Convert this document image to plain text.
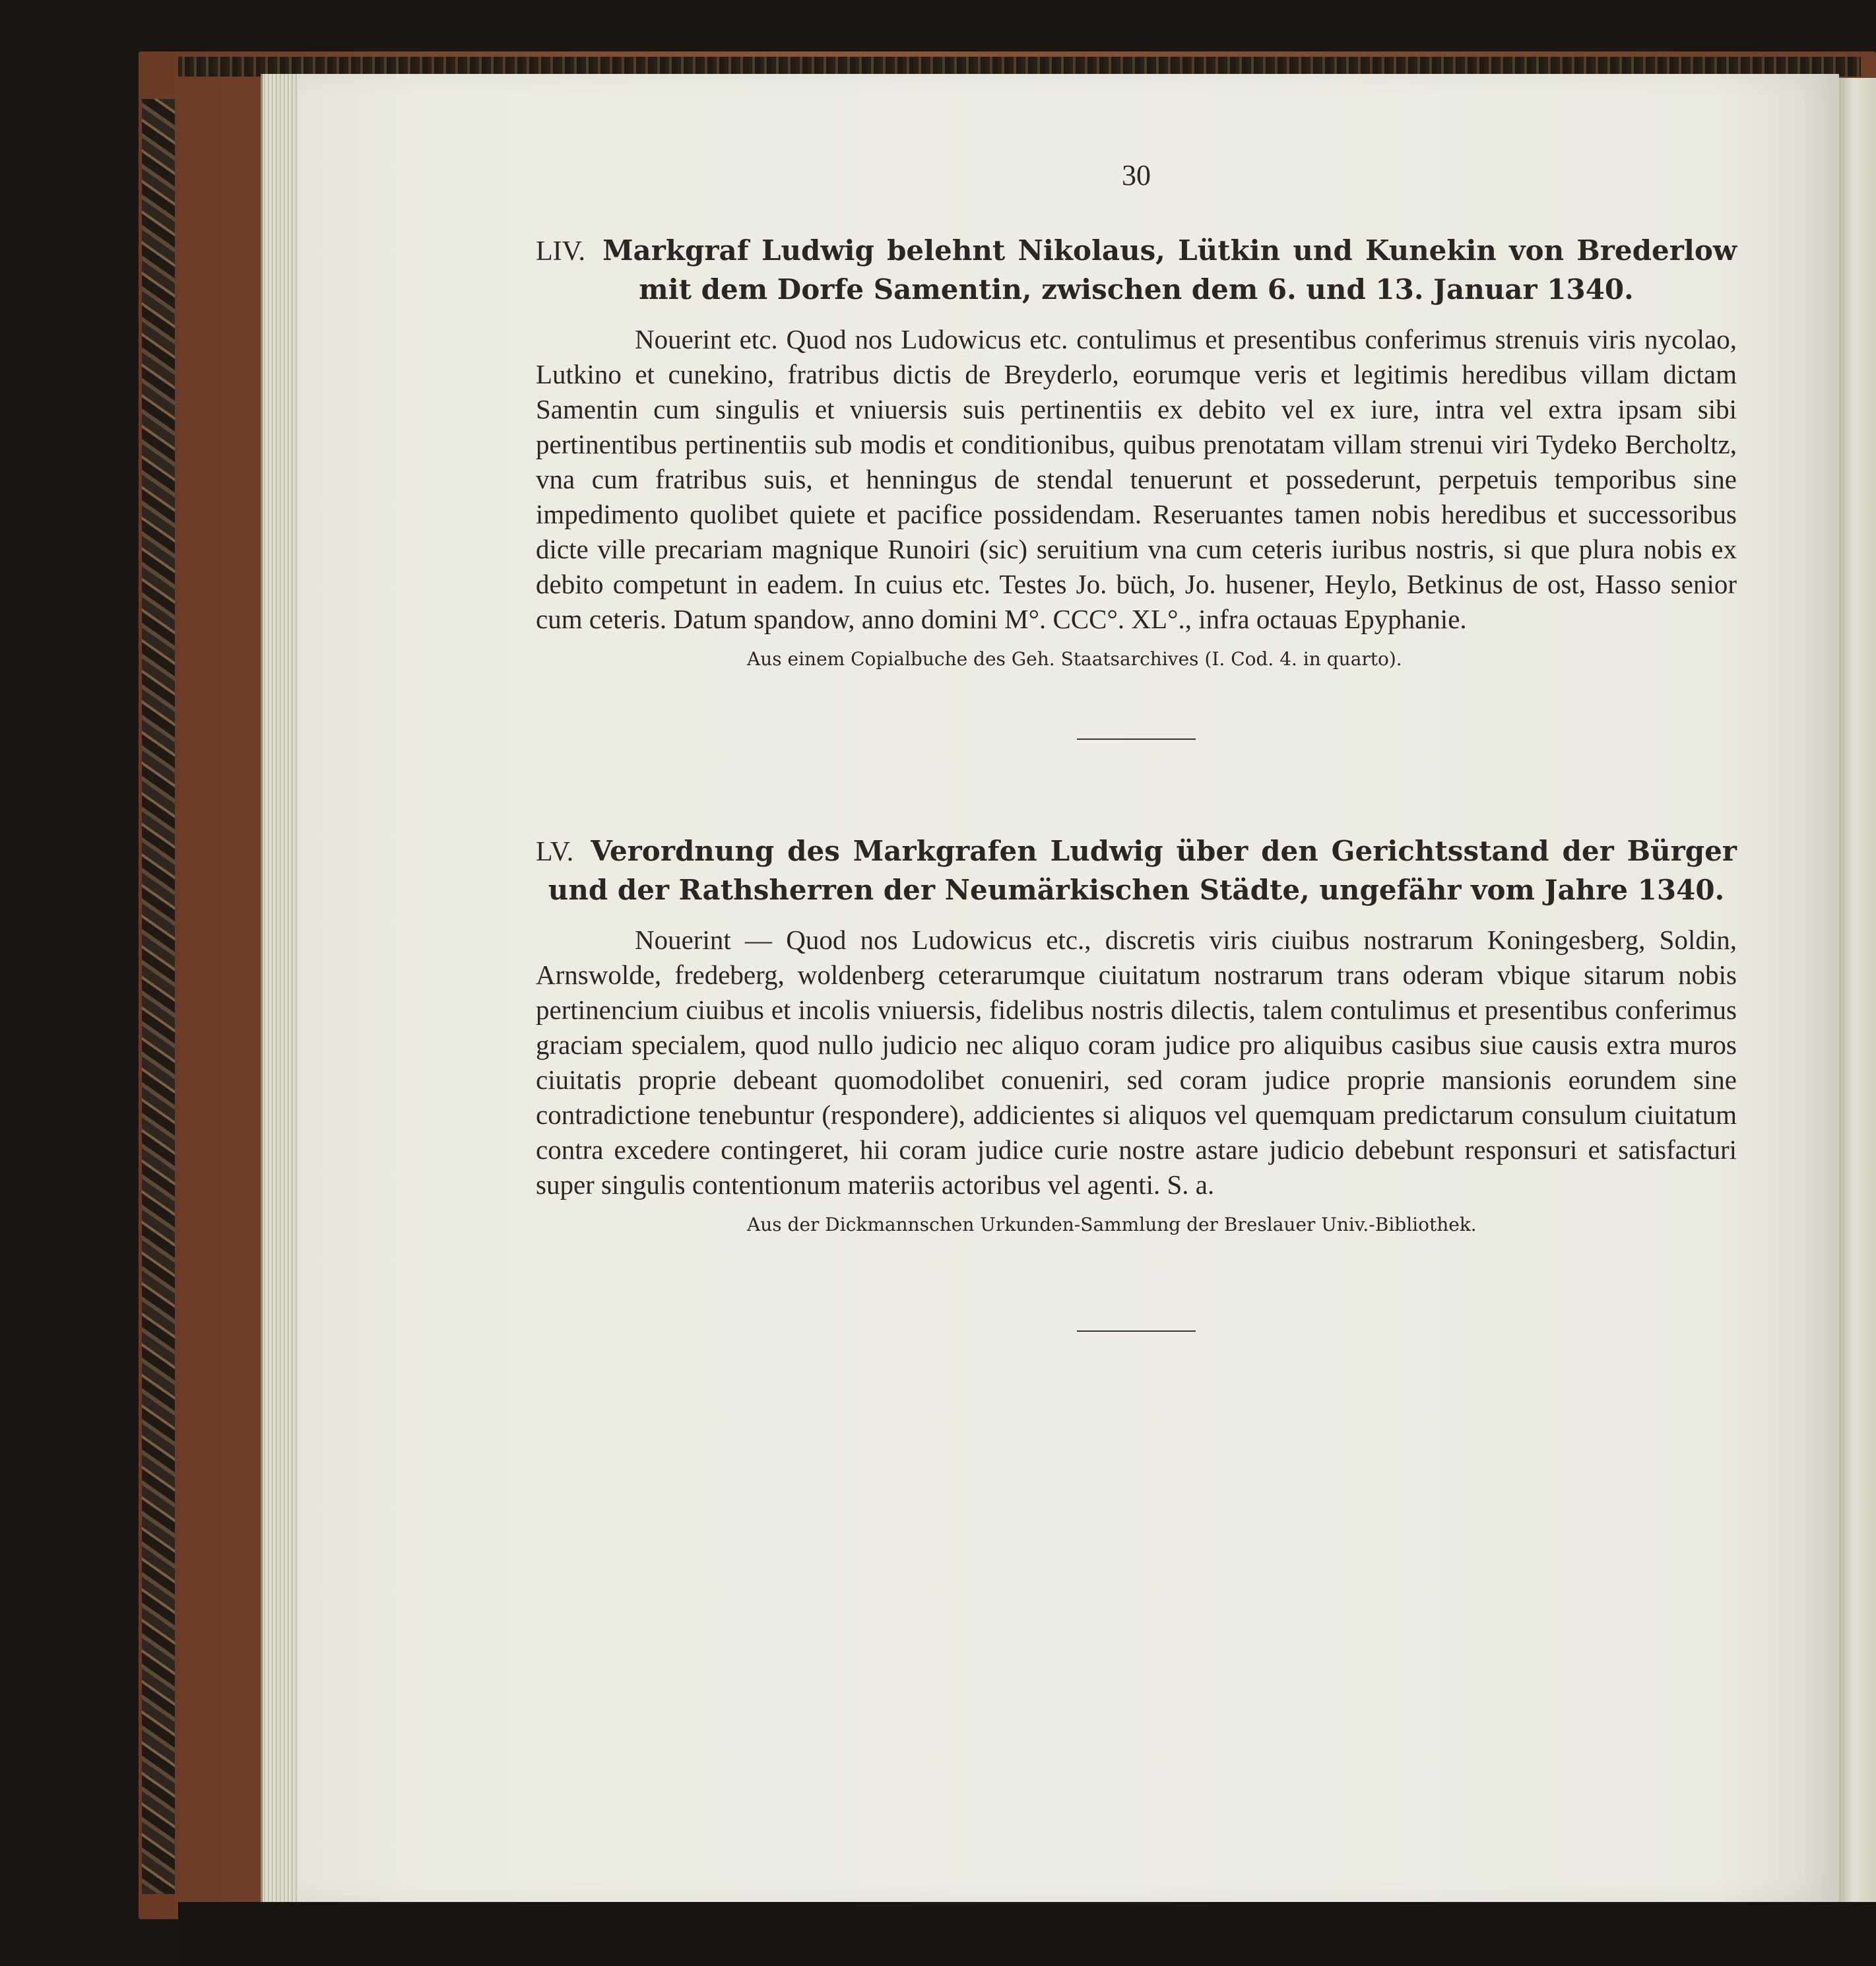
30

LIV. Markgraf Ludwig belehnt Nikolaus, Lütkin und Kunekin von Brederlow mit dem Dorfe Samentin, zwischen dem 6. und 13. Januar 1340.

Nouerint etc. Quod nos Ludowicus etc. contulimus et presentibus conferimus strenuis viris nycolao, Lutkino et cunekino, fratribus dictis de Breyderlo, eorumque veris et legitimis heredibus villam dictam Samentin cum singulis et vniuersis suis pertinentiis ex debito vel ex iure, intra vel extra ipsam sibi pertinentibus pertinentiis sub modis et conditionibus, quibus prenotatam villam strenui viri Tydeko Bercholtz, vna cum fratribus suis, et henningus de stendal tenuerunt et possederunt, perpetuis temporibus sine impedimento quolibet quiete et pacifice possidendam. Reseruantes tamen nobis heredibus et successoribus dicte ville precariam magnique Runoiri (sic) seruitium vna cum ceteris iuribus nostris, si que plura nobis ex debito competunt in eadem. In cuius etc. Testes Jo. büch, Jo. husener, Heylo, Betkinus de ost, Hasso senior cum ceteris. Datum spandow, anno domini M°. CCC°. XL°., infra octauas Epyphanie.

Aus einem Copialbuche des Geh. Staatsarchives (I. Cod. 4. in quarto).

LV. Verordnung des Markgrafen Ludwig über den Gerichtsstand der Bürger und der Rathsherren der Neumärkischen Städte, ungefähr vom Jahre 1340.

Nouerint — Quod nos Ludowicus etc., discretis viris ciuibus nostrarum Koningesberg, Soldin, Arnswolde, fredeberg, woldenberg ceterarumque ciuitatum nostrarum trans oderam vbique sitarum nobis pertinencium ciuibus et incolis vniuersis, fidelibus nostris dilectis, talem contulimus et presentibus conferimus graciam specialem, quod nullo judicio nec aliquo coram judice pro aliquibus casibus siue causis extra muros ciuitatis proprie debeant quomodolibet conueniri, sed coram judice proprie mansionis eorundem sine contradictione tenebuntur (respondere), addicientes si aliquos vel quemquam predictarum consulum ciuitatum contra excedere contingeret, hii coram judice curie nostre astare judicio debebunt responsuri et satisfacturi super singulis contentionum materiis actoribus vel agenti. S. a.

Aus der Dickmannschen Urkunden-Sammlung der Breslauer Univ.-Bibliothek.
